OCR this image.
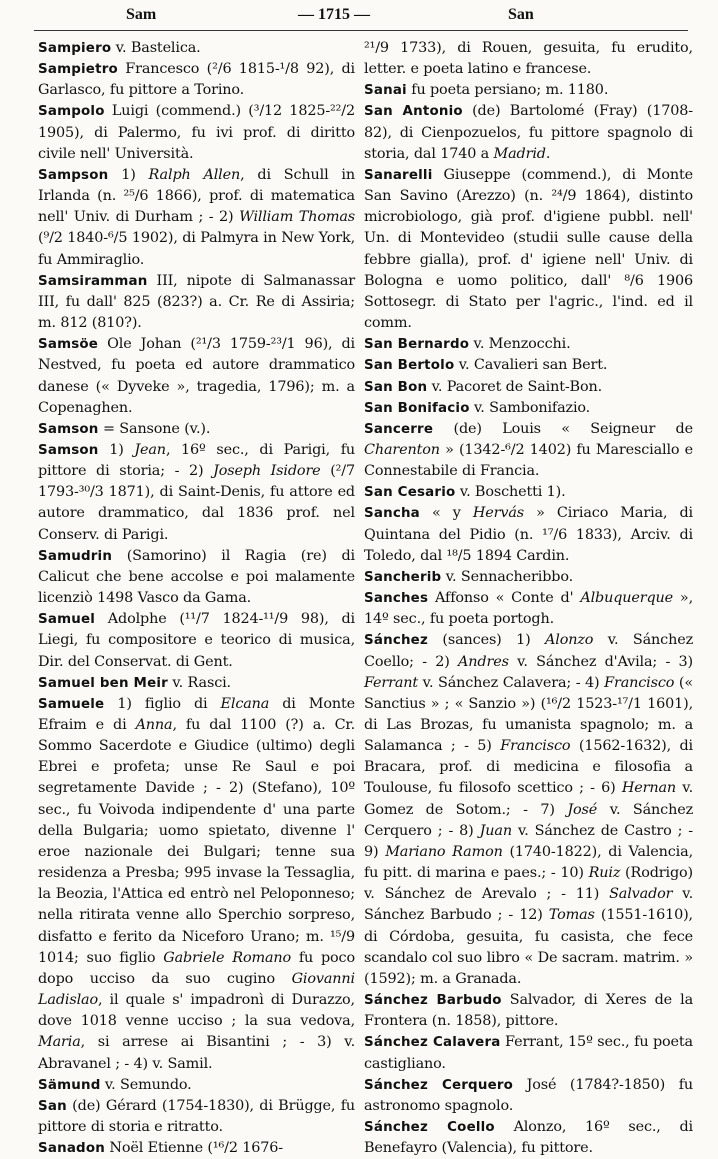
Sam	— 1715 —	San

Sampiero v. Bastelica.

Sampietro Francesco (²/6 1815-¹/8 92), di Garlasco, fu pittore a Torino.

Sampolo Luigi (commend.) (³/12 1825-²²/2 1905), di Palermo, fu ivi prof. di diritto civile nell' Università.

Sampson 1) Ralph Allen, di Schull in Irlanda (n. ²⁵/6 1866), prof. di matematica nell' Univ. di Durham ; - 2) William Thomas (⁹/2 1840-⁶/5 1902), di Palmyra in New York, fu Ammiraglio.

Samsiramman III, nipote di Salmanassar III, fu dall' 825 (823?) a. Cr. Re di Assiria; m. 812 (810?).

Samsöe Ole Johan (²¹/3 1759-²³/1 96), di Nestved, fu poeta ed autore drammatico danese (« Dyveke », tragedia, 1796); m. a Copenaghen.

Samson = Sansone (v.).

Samson 1) Jean, 16º sec., di Parigi, fu pittore di storia; - 2) Joseph Isidore (²/7 1793-³⁰/3 1871), di Saint-Denis, fu attore ed autore drammatico, dal 1836 prof. nel Conserv. di Parigi.

Samudrin (Samorino) il Ragia (re) di Calicut che bene accolse e poi malamente licenziò 1498 Vasco da Gama.

Samuel Adolphe (¹¹/7 1824-¹¹/9 98), di Liegi, fu compositore e teorico di musica, Dir. del Conservat. di Gent.

Samuel ben Meir v. Rasci.

Samuele 1) figlio di Elcana di Monte Efraim e di Anna, fu dal 1100 (?) a. Cr. Sommo Sacerdote e Giudice (ultimo) degli Ebrei e profeta; unse Re Saul e poi segretamente Davide ; - 2) (Stefano), 10º sec., fu Voivoda indipendente d' una parte della Bulgaria; uomo spietato, divenne l' eroe nazionale dei Bulgari; tenne sua residenza a Presba; 995 invase la Tessaglia, la Beozia, l'Attica ed entrò nel Peloponneso; nella ritirata venne allo Sperchio sorpreso, disfatto e ferito da Niceforo Urano; m. ¹⁵/9 1014; suo figlio Gabriele Romano fu poco dopo ucciso da suo cugino Giovanni Ladislao, il quale s' impadronì di Durazzo, dove 1018 venne ucciso ; la sua vedova, Maria, si arrese ai Bisantini ; - 3) v. Abravanel ; - 4) v. Samil.

Sämund v. Semundo.

San (de) Gérard (1754-1830), di Brügge, fu pittore di storia e ritratto.

Sanadon Noël Etienne (¹⁶/2 1676-

²¹/9 1733), di Rouen, gesuita, fu erudito, letter. e poeta latino e francese.

Sanai fu poeta persiano; m. 1180.

San Antonio (de) Bartolomé (Fray) (1708-82), di Cienpozuelos, fu pittore spagnolo di storia, dal 1740 a Madrid.

Sanarelli Giuseppe (commend.), di Monte San Savino (Arezzo) (n. ²⁴/9 1864), distinto microbiologo, già prof. d'igiene pubbl. nell' Un. di Montevideo (studii sulle cause della febbre gialla), prof. d' igiene nell' Univ. di Bologna e uomo politico, dall' ⁸/6 1906 Sottosegr. di Stato per l'agric., l'ind. ed il comm.

San Bernardo v. Menzocchi.

San Bertolo v. Cavalieri san Bert.

San Bon v. Pacoret de Saint-Bon.

San Bonifacio v. Sambonifazio.

Sancerre (de) Louis « Seigneur de Charenton » (1342-⁶/2 1402) fu Maresciallo e Connestabile di Francia.

San Cesario v. Boschetti 1).

Sancha « y Hervás » Ciriaco Maria, di Quintana del Pidio (n. ¹⁷/6 1833), Arciv. di Toledo, dal ¹⁸/5 1894 Cardin.

Sancherib v. Sennacheribbo.

Sanches Affonso « Conte d' Albuquerque », 14º sec., fu poeta portogh.

Sánchez (sances) 1) Alonzo v. Sánchez Coello; - 2) Andres v. Sánchez d'Avila; - 3) Ferrant v. Sánchez Calavera; - 4) Francisco (« Sanctius » ; « Sanzio ») (¹⁶/2 1523-¹⁷/1 1601), di Las Brozas, fu umanista spagnolo; m. a Salamanca ; - 5) Francisco (1562-1632), di Bracara, prof. di medicina e filosofia a Toulouse, fu filosofo scettico ; - 6) Hernan v. Gomez de Sotom.; - 7) José v. Sánchez Cerquero ; - 8) Juan v. Sánchez de Castro ; - 9) Mariano Ramon (1740-1822), di Valencia, fu pitt. di marina e paes.; - 10) Ruiz (Rodrigo) v. Sánchez de Arevalo ; - 11) Salvador v. Sánchez Barbudo ; - 12) Tomas (1551-1610), di Córdoba, gesuita, fu casista, che fece scandalo col suo libro « De sacram. matrim. » (1592); m. a Granada.

Sánchez Barbudo Salvador, di Xeres de la Frontera (n. 1858), pittore.

Sánchez Calavera Ferrant, 15º sec., fu poeta castigliano.

Sánchez Cerquero José (1784?-1850) fu astronomo spagnolo.

Sánchez Coello Alonzo, 16º sec., di Benefayro (Valencia), fu pittore.
